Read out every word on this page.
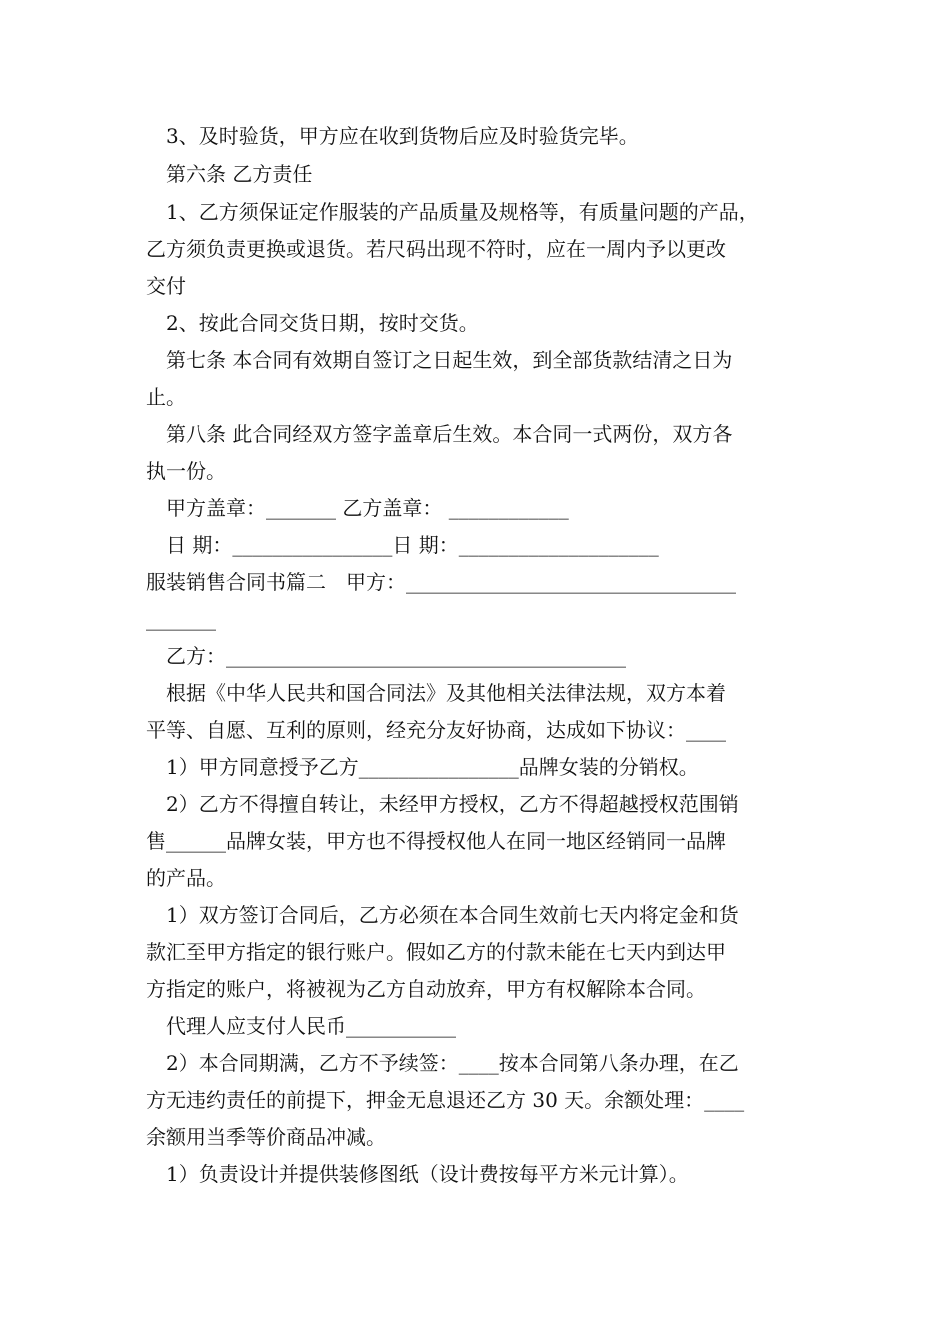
3、及时验货，甲方应在收到货物后应及时验货完毕。
第六条 乙方责任
1、乙方须保证定作服装的产品质量及规格等，有质量问题的产品，
乙方须负责更换或退货。若尺码出现不符时，应在一周内予以更改
交付
2、按此合同交货日期，按时交货。
第七条 本合同有效期自签订之日起生效，到全部货款结清之日为
止。
第八条 此合同经双方签字盖章后生效。本合同一式两份，双方各
执一份。
甲方盖章：_______ 乙方盖章： ____________
日 期：________________日 期：____________________
服装销售合同书篇二　甲方：_________________________________
_______
乙方：________________________________________
根据《中华人民共和国合同法》及其他相关法律法规，双方本着
平等、自愿、互利的原则，经充分友好协商，达成如下协议：____
1）甲方同意授予乙方________________品牌女装的分销权。
2）乙方不得擅自转让，未经甲方授权，乙方不得超越授权范围销
售______品牌女装，甲方也不得授权他人在同一地区经销同一品牌
的产品。
1）双方签订合同后，乙方必须在本合同生效前七天内将定金和货
款汇至甲方指定的银行账户。假如乙方的付款未能在七天内到达甲
方指定的账户，将被视为乙方自动放弃，甲方有权解除本合同。
代理人应支付人民币___________
2）本合同期满，乙方不予续签：____按本合同第八条办理，在乙
方无违约责任的前提下，押金无息退还乙方 30 天。余额处理：____
余额用当季等价商品冲减。
1）负责设计并提供装修图纸（设计费按每平方米元计算）。
